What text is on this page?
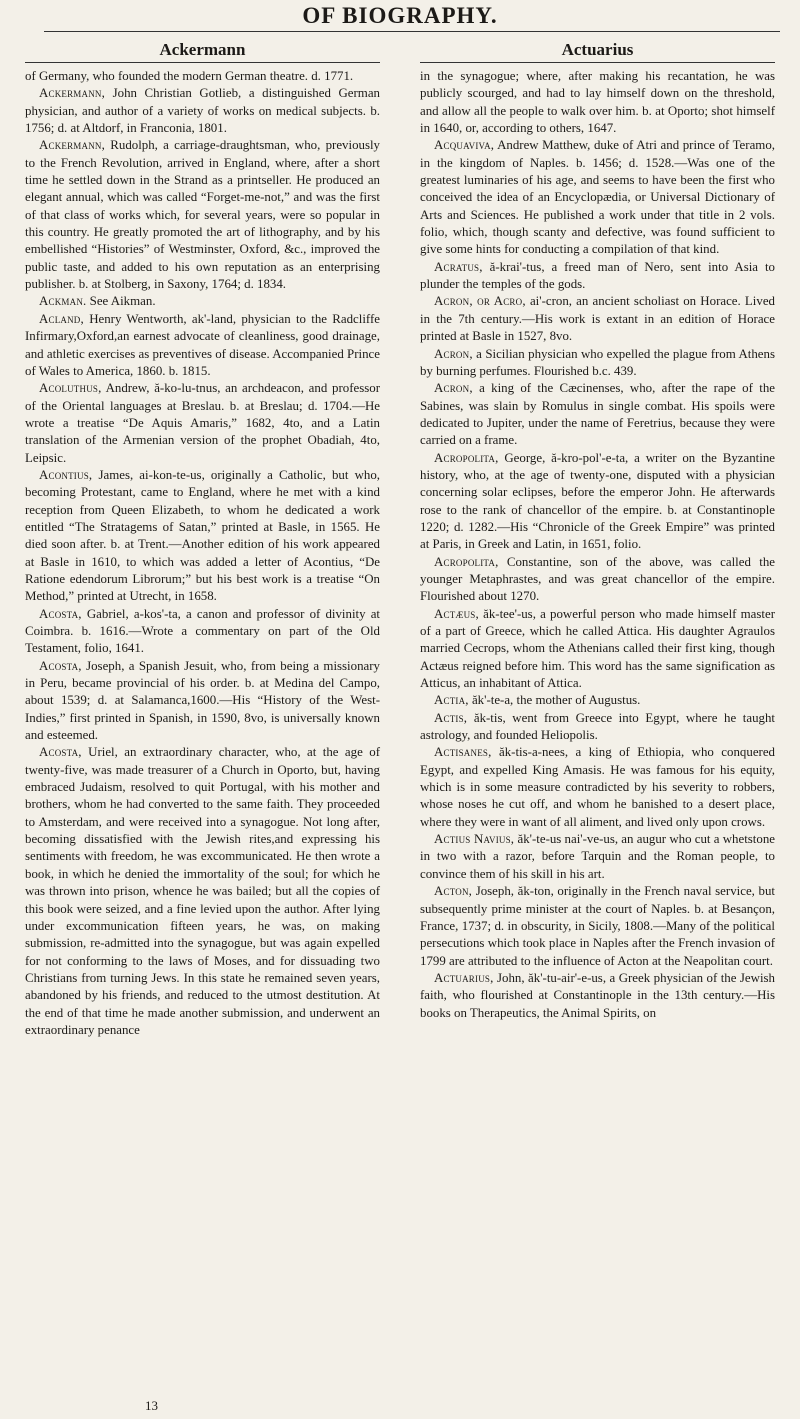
OF BIOGRAPHY.
Ackermann	Actuarius

of Germany, who founded the modern German theatre. d. 1771.

Ackermann, John Christian Gotlieb, a distinguished German physician, and author of a variety of works on medical subjects. b. 1756; d. at Altdorf, in Franconia, 1801.

Ackermann, Rudolph, a carriage-draughtsman, who, previously to the French Revolution, arrived in England, where, after a short time he settled down in the Strand as a printseller. He produced an elegant annual, which was called “Forget-me-not,” and was the first of that class of works which, for several years, were so popular in this country. He greatly promoted the art of lithography, and by his embellished “Histories” of Westminster, Oxford, &c., improved the public taste, and added to his own reputation as an enterprising publisher. b. at Stolberg, in Saxony, 1764; d. 1834.

Ackman. See Aikman.

Acland, Henry Wentworth, ak'-land, physician to the Radcliffe Infirmary,Oxford,an earnest advocate of cleanliness, good drainage, and athletic exercises as preventives of disease. Accompanied Prince of Wales to America, 1860. b. 1815.

Acoluthus, Andrew, ă-ko-lu-tnus, an archdeacon, and professor of the Oriental languages at Breslau. b. at Breslau; d. 1704.—He wrote a treatise “De Aquis Amaris,” 1682, 4to, and a Latin translation of the Armenian version of the prophet Obadiah, 4to, Leipsic.

Acontius, James, ai-kon-te-us, originally a Catholic, but who, becoming Protestant, came to England, where he met with a kind reception from Queen Elizabeth, to whom he dedicated a work entitled “The Stratagems of Satan,” printed at Basle, in 1565. He died soon after. b. at Trent.—Another edition of his work appeared at Basle in 1610, to which was added a letter of Acontius, “De Ratione edendorum Librorum;” but his best work is a treatise “On Method,” printed at Utrecht, in 1658.

Acosta, Gabriel, a-kos'-ta, a canon and professor of divinity at Coimbra. b. 1616.—Wrote a commentary on part of the Old Testament, folio, 1641.

Acosta, Joseph, a Spanish Jesuit, who, from being a missionary in Peru, became provincial of his order. b. at Medina del Campo, about 1539; d. at Salamanca,1600.—His “History of the West-Indies,” first printed in Spanish, in 1590, 8vo, is universally known and esteemed.

Acosta, Uriel, an extraordinary character, who, at the age of twenty-five, was made treasurer of a Church in Oporto, but, having embraced Judaism, resolved to quit Portugal, with his mother and brothers, whom he had converted to the same faith. They proceeded to Amsterdam, and were received into a synagogue. Not long after, becoming dissatisfied with the Jewish rites,and expressing his sentiments with freedom, he was excommunicated. He then wrote a book, in which he denied the immortality of the soul; for which he was thrown into prison, whence he was bailed; but all the copies of this book were seized, and a fine levied upon the author. After lying under excommunication fifteen years, he was, on making submission, re-admitted into the synagogue, but was again expelled for not conforming to the laws of Moses, and for dissuading two Christians from turning Jews. In this state he remained seven years, abandoned by his friends, and reduced to the utmost destitution. At the end of that time he made another submission, and underwent an extraordinary penance

in the synagogue; where, after making his recantation, he was publicly scourged, and had to lay himself down on the threshold, and allow all the people to walk over him. b. at Oporto; shot himself in 1640, or, according to others, 1647.

Acquaviva, Andrew Matthew, duke of Atri and prince of Teramo, in the kingdom of Naples. b. 1456; d. 1528.—Was one of the greatest luminaries of his age, and seems to have been the first who conceived the idea of an Encyclopædia, or Universal Dictionary of Arts and Sciences. He published a work under that title in 2 vols. folio, which, though scanty and defective, was found sufficient to give some hints for conducting a compilation of that kind.

Acratus, ă-krai'-tus, a freed man of Nero, sent into Asia to plunder the temples of the gods.

Acron, or Acro, ai'-cron, an ancient scholiast on Horace. Lived in the 7th century.—His work is extant in an edition of Horace printed at Basle in 1527, 8vo.

Acron, a Sicilian physician who expelled the plague from Athens by burning perfumes. Flourished b.c. 439.

Acron, a king of the Cæcinenses, who, after the rape of the Sabines, was slain by Romulus in single combat. His spoils were dedicated to Jupiter, under the name of Feretrius, because they were carried on a frame.

Acropolita, George, ă-kro-pol'-e-ta, a writer on the Byzantine history, who, at the age of twenty-one, disputed with a physician concerning solar eclipses, before the emperor John. He afterwards rose to the rank of chancellor of the empire. b. at Constantinople 1220; d. 1282.—His “Chronicle of the Greek Empire” was printed at Paris, in Greek and Latin, in 1651, folio.

Acropolita, Constantine, son of the above, was called the younger Metaphrastes, and was great chancellor of the empire. Flourished about 1270.

Actæus, ăk-tee'-us, a powerful person who made himself master of a part of Greece, which he called Attica. His daughter Agraulos married Cecrops, whom the Athenians called their first king, though Actæus reigned before him. This word has the same signification as Atticus, an inhabitant of Attica.

Actia, ăk'-te-a, the mother of Augustus.

Actis, ăk-tis, went from Greece into Egypt, where he taught astrology, and founded Heliopolis.

Actisanes, ăk-tis-a-nees, a king of Ethiopia, who conquered Egypt, and expelled King Amasis. He was famous for his equity, which is in some measure contradicted by his severity to robbers, whose noses he cut off, and whom he banished to a desert place, where they were in want of all aliment, and lived only upon crows.

Actius Navius, ăk'-te-us nai'-ve-us, an augur who cut a whetstone in two with a razor, before Tarquin and the Roman people, to convince them of his skill in his art.

Acton, Joseph, ăk-ton, originally in the French naval service, but subsequently prime minister at the court of Naples. b. at Besançon, France, 1737; d. in obscurity, in Sicily, 1808.—Many of the political persecutions which took place in Naples after the French invasion of 1799 are attributed to the influence of Acton at the Neapolitan court.

Actuarius, John, ăk'-tu-air'-e-us, a Greek physician of the Jewish faith, who flourished at Constantinople in the 13th century.—His books on Therapeutics, the Animal Spirits, on

13
